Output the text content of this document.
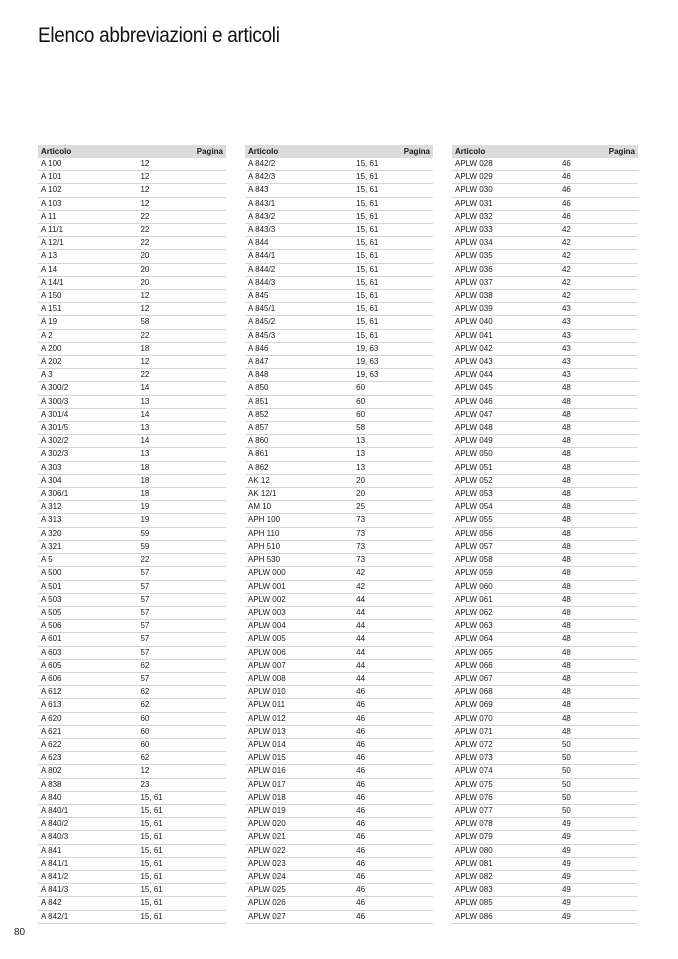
Elenco abbreviazioni e articoli
Articolo	Pagina
A 100	12
A 101	12
A 102	12
A 103	12
A 11	22
A 11/1	22
A 12/1	22
A 13	20
A 14	20
A 14/1	20
A 150	12
A 151	12
A 19	58
A 2	22
A 200	18
A 202	12
A 3	22
A 300/2	14
A 300/3	13
A 301/4	14
A 301/5	13
A 302/2	14
A 302/3	13
A 303	18
A 304	18
A 306/1	18
A 312	19
A 313	19
A 320	59
A 321	59
A 5	22
A 500	57
A 501	57
A 503	57
A 505	57
A 506	57
A 601	57
A 603	57
A 605	62
A 606	57
A 612	62
A 613	62
A 620	60
A 621	60
A 622	60
A 623	62
A 802	12
A 838	23
A 840	15, 61
A 840/1	15, 61
A 840/2	15, 61
A 840/3	15, 61
A 841	15, 61
A 841/1	15, 61
A 841/2	15, 61
A 841/3	15, 61
A 842	15, 61
A 842/1	15, 61
Articolo	Pagina
A 842/2	15, 61
A 842/3	15, 61
A 843	15, 61
A 843/1	15, 61
A 843/2	15, 61
A 843/3	15, 61
A 844	15, 61
A 844/1	15, 61
A 844/2	15, 61
A 844/3	15, 61
A 845	15, 61
A 845/1	15, 61
A 845/2	15, 61
A 845/3	15, 61
A 846	19, 63
A 847	19, 63
A 848	19, 63
A 850	60
A 851	60
A 852	60
A 857	58
A 860	13
A 861	13
A 862	13
AK 12	20
AK 12/1	20
AM 10	25
APH 100	73
APH 110	73
APH 510	73
APH 530	73
APLW 000	42
APLW 001	42
APLW 002	44
APLW 003	44
APLW 004	44
APLW 005	44
APLW 006	44
APLW 007	44
APLW 008	44
APLW 010	46
APLW 011	46
APLW 012	46
APLW 013	46
APLW 014	46
APLW 015	46
APLW 016	46
APLW 017	46
APLW 018	46
APLW 019	46
APLW 020	46
APLW 021	46
APLW 022	46
APLW 023	46
APLW 024	46
APLW 025	46
APLW 026	46
APLW 027	46
Articolo	Pagina
APLW 028	46
APLW 029	46
APLW 030	46
APLW 031	46
APLW 032	46
APLW 033	42
APLW 034	42
APLW 035	42
APLW 036	42
APLW 037	42
APLW 038	42
APLW 039	43
APLW 040	43
APLW 041	43
APLW 042	43
APLW 043	43
APLW 044	43
APLW 045	48
APLW 046	48
APLW 047	48
APLW 048	48
APLW 049	48
APLW 050	48
APLW 051	48
APLW 052	48
APLW 053	48
APLW 054	48
APLW 055	48
APLW 056	48
APLW 057	48
APLW 058	48
APLW 059	48
APLW 060	48
APLW 061	48
APLW 062	48
APLW 063	48
APLW 064	48
APLW 065	48
APLW 066	48
APLW 067	48
APLW 068	48
APLW 069	48
APLW 070	48
APLW 071	48
APLW 072	50
APLW 073	50
APLW 074	50
APLW 075	50
APLW 076	50
APLW 077	50
APLW 078	49
APLW 079	49
APLW 080	49
APLW 081	49
APLW 082	49
APLW 083	49
APLW 085	49
APLW 086	49
80
